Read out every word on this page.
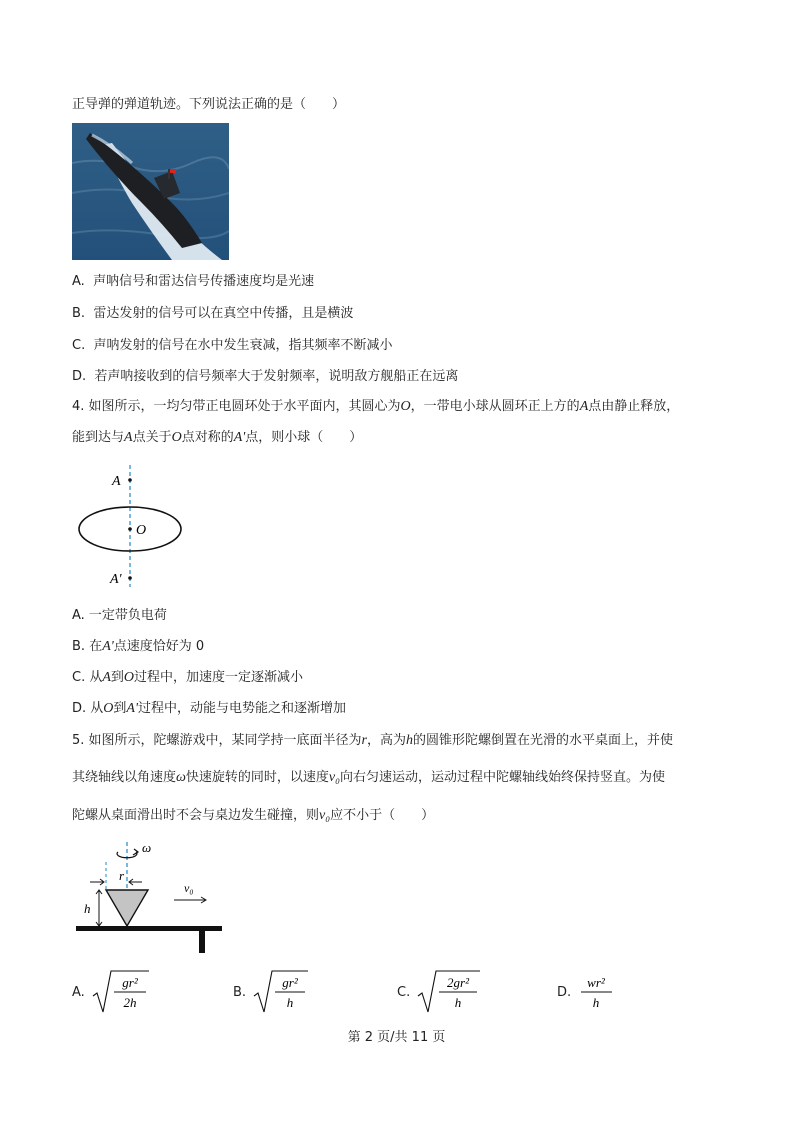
正导弹的弹道轨迹。下列说法正确的是（　　）
A. 声呐信号和雷达信号传播速度均是光速
B. 雷达发射的信号可以在真空中传播，且是横波
C. 声呐发射的信号在水中发生衰减，指其频率不断减小
D. 若声呐接收到的信号频率大于发射频率，说明敌方舰船正在远离
4. 如图所示，一均匀带正电圆环处于水平面内，其圆心为O，一带电小球从圆环正上方的A点由静止释放，
能到达与A点关于O点对称的A'点，则小球（　　）
A
O
A'
A. 一定带负电荷
B. 在A'点速度恰好为 0
C. 从A到O过程中，加速度一定逐渐减小
D. 从O到A'过程中，动能与电势能之和逐渐增加
5. 如图所示，陀螺游戏中，某同学持一底面半径为r，高为h的圆锥形陀螺倒置在光滑的水平桌面上，并使
其绕轴线以角速度ω快速旋转的同时，以速度v₀向右匀速运动，运动过程中陀螺轴线始终保持竖直。为使
陀螺从桌面滑出时不会与桌边发生碰撞，则v₀应不小于（　　）
ω
r
h
v₀
A.
gr²
2h
B.
gr²
h
C.
2gr²
h
D.
wr²
h
第 2 页/共 11 页
